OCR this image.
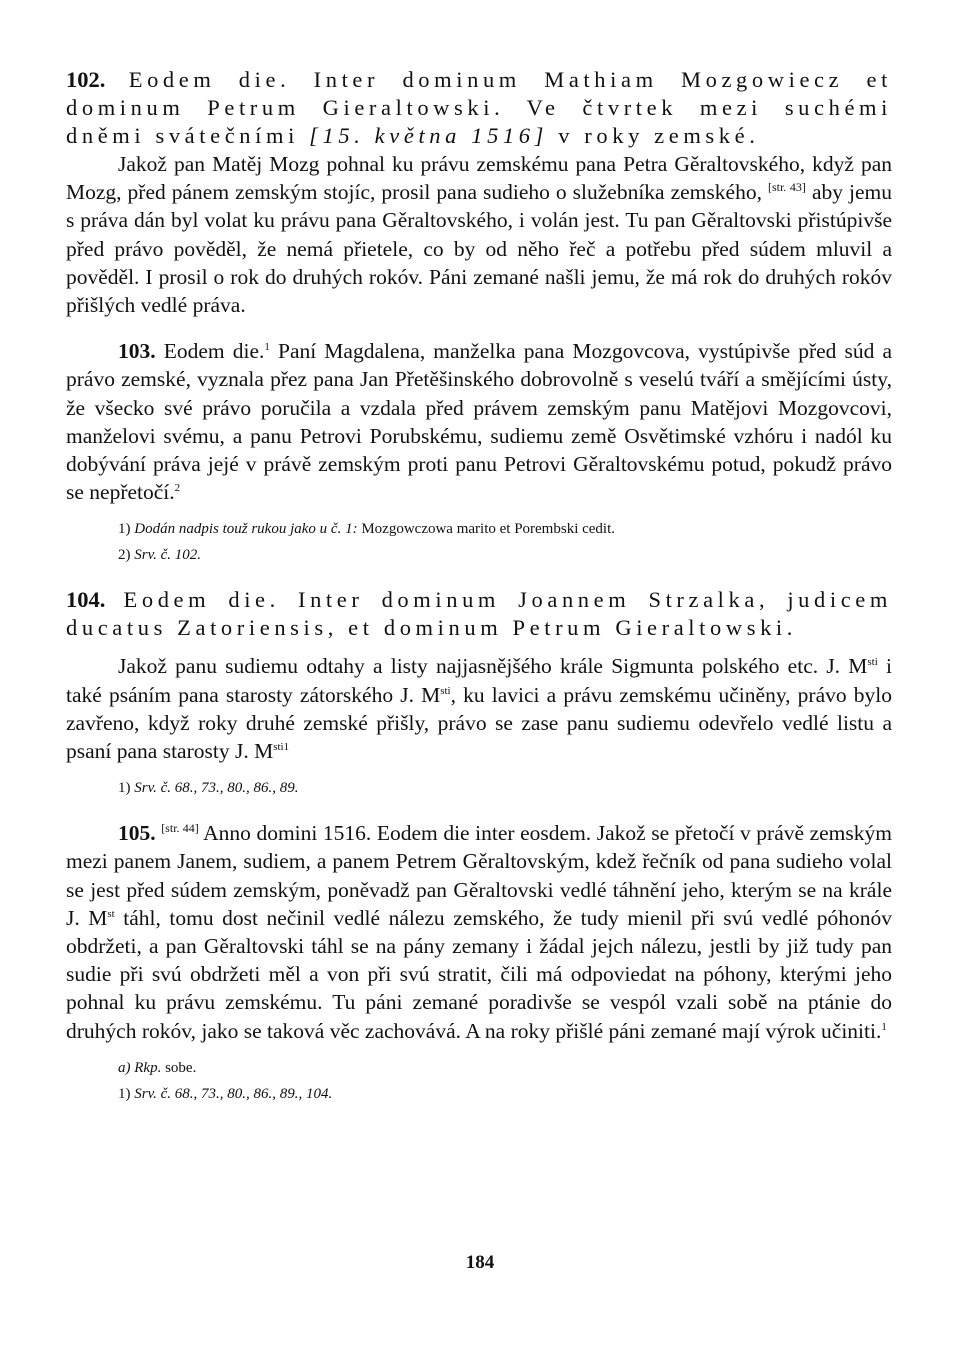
102. Eodem die. Inter dominum Mathiam Mozgowiecz et dominum Petrum Gieraltowski. Ve čtvrtek mezi suchémi dněmi svátečními [15. května 1516] v roky zemské.

Jakož pan Matěj Mozg pohnal ku právu zemskému pana Petra Gěraltovského, když pan Mozg, před pánem zemským stojíc, prosil pana sudieho o služebníka zemského, [str. 43] aby jemu s práva dán byl volat ku právu pana Gěraltovského, i volán jest. Tu pan Gěraltovski přistúpivše před právo pověděl, že nemá přietele, co by od něho řeč a potřebu před súdem mluvil a pověděl. I prosil o rok do druhých rokóv. Páni zemané našli jemu, že má rok do druhých rokóv přišlých vedlé práva.

103. Eodem die.$^1$ Paní Magdalena, manželka pana Mozgovcova, vystúpivše před súd a právo zemské, vyznala přez pana Jan Přetěšinského dobrovolně s veselú tváří a smějícími ústy, že všecko své právo poručila a vzdala před právem zemským panu Matějovi Mozgovcovi, manželovi svému, a panu Petrovi Porubskému, sudiemu země Osvětimské vzhóru i nadól ku dobývání práva jejé v právě zemským proti panu Petrovi Gěraltovskému potud, pokudž právo se nepřetočí.$^2$

1) Dodán nadpis touž rukou jako u č. 1: Mozgowczowa marito et Porembski cedit.

2) Srv. č. 102.

104. Eodem die. Inter dominum Joannem Strzalka, judicem ducatus Zatoriensis, et dominum Petrum Gieraltowski.

Jakož panu sudiemu odtahy a listy najjasnějšého krále Sigmunta polského etc. J. $M^{sti}$ i také psáním pana starosty zátorského J. $M^{sti}$, ku lavici a právu zemskému učiněny, právo bylo zavřeno, když roky druhé zemské přišly, právo se zase panu sudiemu odevřelo vedlé listu a psaní pana starosty J. $M^{sti1}$

1) Srv. č. 68., 73., 80., 86., 89.

105. [str. 44] Anno domini 1516. Eodem die inter eosdem. Jakož se přetočí v právě zemským mezi panem Janem, sudiem, a panem Petrem Gěraltovským, kdež řečník od pana sudieho volal se jest před súdem zemským, poněvadž pan Gěraltovski vedlé táhnění jeho, kterým se na krále J. Mst táhl, tomu dost nečinil vedlé nálezu zemského, že tudy mienil při svú vedlé póhonóv obdržeti, a pan Gěraltovski táhl se na pány zemany i žádal jejch nálezu, jestli by již tudy pan sudie při svú obdržeti měl a von při svú stratit, čili má odpoviedat na póhony, kterými jeho pohnal ku právu zemskému. Tu páni zemané poradivše se vespól vzali sobě na ptánie do druhých rokóv, jako se taková věc zachovává. A na roky přišlé páni zemané mají výrok učiniti.$^1$

a) Rkp. sobe.

1) Srv. č. 68., 73., 80., 86., 89., 104.

184
